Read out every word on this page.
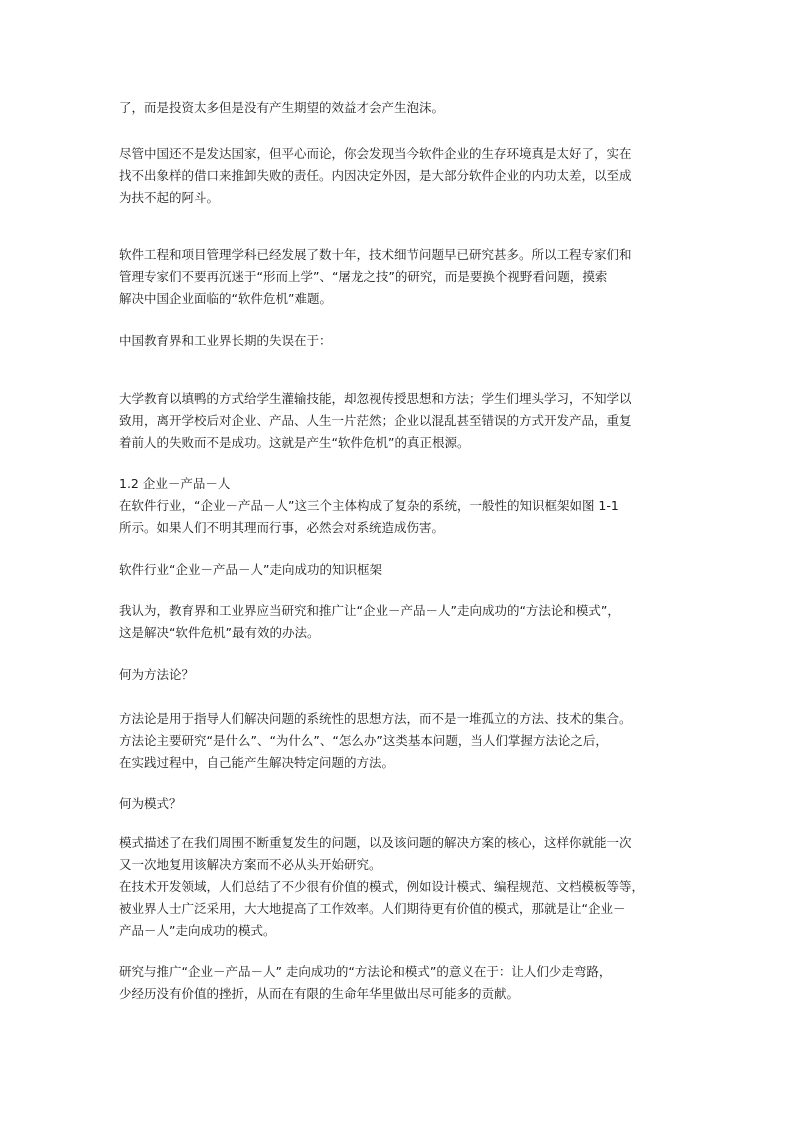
了，而是投资太多但是没有产生期望的效益才会产生泡沫。

尽管中国还不是发达国家，但平心而论，你会发现当今软件企业的生存环境真是太好了，实在
找不出象样的借口来推卸失败的责任。内因决定外因，是大部分软件企业的内功太差，以至成
为扶不起的阿斗。

软件工程和项目管理学科已经发展了数十年，技术细节问题早已研究甚多。所以工程专家们和
管理专家们不要再沉迷于“形而上学”、“屠龙之技”的研究，而是要换个视野看问题，摸索
解决中国企业面临的“软件危机”难题。

中国教育界和工业界长期的失误在于：

大学教育以填鸭的方式给学生灌输技能，却忽视传授思想和方法；学生们埋头学习，不知学以
致用，离开学校后对企业、产品、人生一片茫然；企业以混乱甚至错误的方式开发产品，重复
着前人的失败而不是成功。这就是产生“软件危机”的真正根源。

1.2 企业－产品－人
在软件行业，“企业－产品－人”这三个主体构成了复杂的系统，一般性的知识框架如图 1-1
所示。如果人们不明其理而行事，必然会对系统造成伤害。

软件行业“企业－产品－人”走向成功的知识框架

我认为，教育界和工业界应当研究和推广让“企业－产品－人”走向成功的“方法论和模式”，
这是解决“软件危机”最有效的办法。

何为方法论？

方法论是用于指导人们解决问题的系统性的思想方法，而不是一堆孤立的方法、技术的集合。
方法论主要研究“是什么”、“为什么”、“怎么办”这类基本问题，当人们掌握方法论之后，
在实践过程中，自己能产生解决特定问题的方法。

何为模式？

模式描述了在我们周围不断重复发生的问题，以及该问题的解决方案的核心，这样你就能一次
又一次地复用该解决方案而不必从头开始研究。
在技术开发领域，人们总结了不少很有价值的模式，例如设计模式、编程规范、文档模板等等，
被业界人士广泛采用，大大地提高了工作效率。人们期待更有价值的模式，那就是让“企业－
产品－人”走向成功的模式。

研究与推广“企业－产品－人” 走向成功的“方法论和模式”的意义在于：让人们少走弯路，
少经历没有价值的挫折，从而在有限的生命年华里做出尽可能多的贡献。
